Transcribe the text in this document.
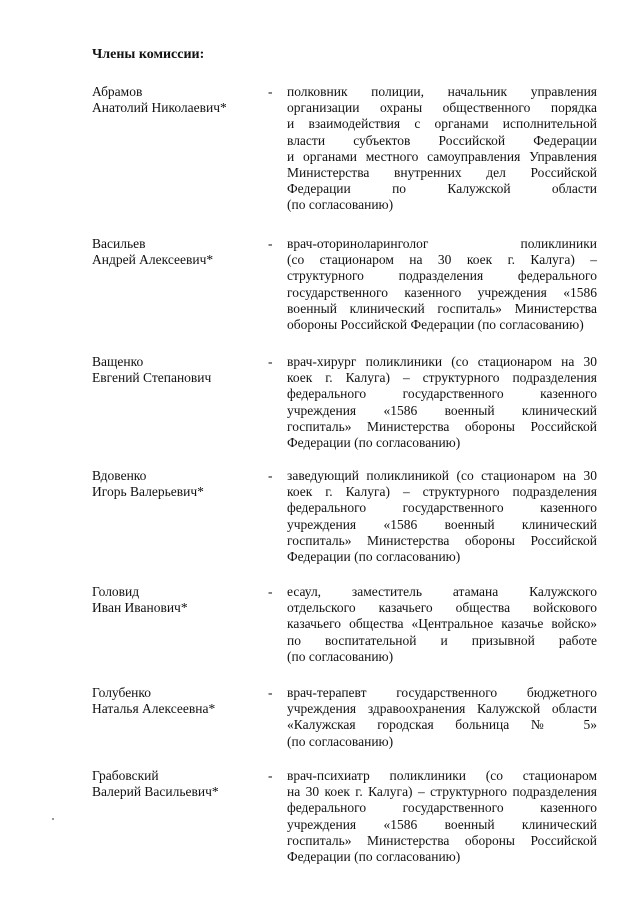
Члены комиссии:
Абрамов
Анатолий Николаевич*
- полковник полиции, начальник управления
организации охраны общественного порядка
и взаимодействия с органами исполнительной
власти субъектов Российской Федерации
и органами местного самоуправления Управления
Министерства внутренних дел Российской
Федерации по Калужской области
(по согласованию)
Васильев
Андрей Алексеевич*
- врач-оториноларинголог поликлиники
(со стационаром на 30 коек г. Калуга) –
структурного подразделения федерального
государственного казенного учреждения «1586
военный клинический госпиталь» Министерства
обороны Российской Федерации (по согласованию)
Ващенко
Евгений Степанович
- врач-хирург поликлиники (со стационаром на 30
коек г. Калуга) – структурного подразделения
федерального государственного казенного
учреждения «1586 военный клинический
госпиталь» Министерства обороны Российской
Федерации (по согласованию)
Вдовенко
Игорь Валерьевич*
- заведующий поликлиникой (со стационаром на 30
коек г. Калуга) – структурного подразделения
федерального государственного казенного
учреждения «1586 военный клинический
госпиталь» Министерства обороны Российской
Федерации (по согласованию)
Головид
Иван Иванович*
- есаул, заместитель атамана Калужского
отдельского казачьего общества войскового
казачьего общества «Центральное казачье войско»
по воспитательной и призывной работе
(по согласованию)
Голубенко
Наталья Алексеевна*
- врач-терапевт государственного бюджетного
учреждения здравоохранения Калужской области
«Калужская городская больница № 5»
(по согласованию)
Грабовский
Валерий Васильевич*
- врач-психиатр поликлиники (со стационаром
на 30 коек г. Калуга) – структурного подразделения
федерального государственного казенного
учреждения «1586 военный клинический
госпиталь» Министерства обороны Российской
Федерации (по согласованию)
